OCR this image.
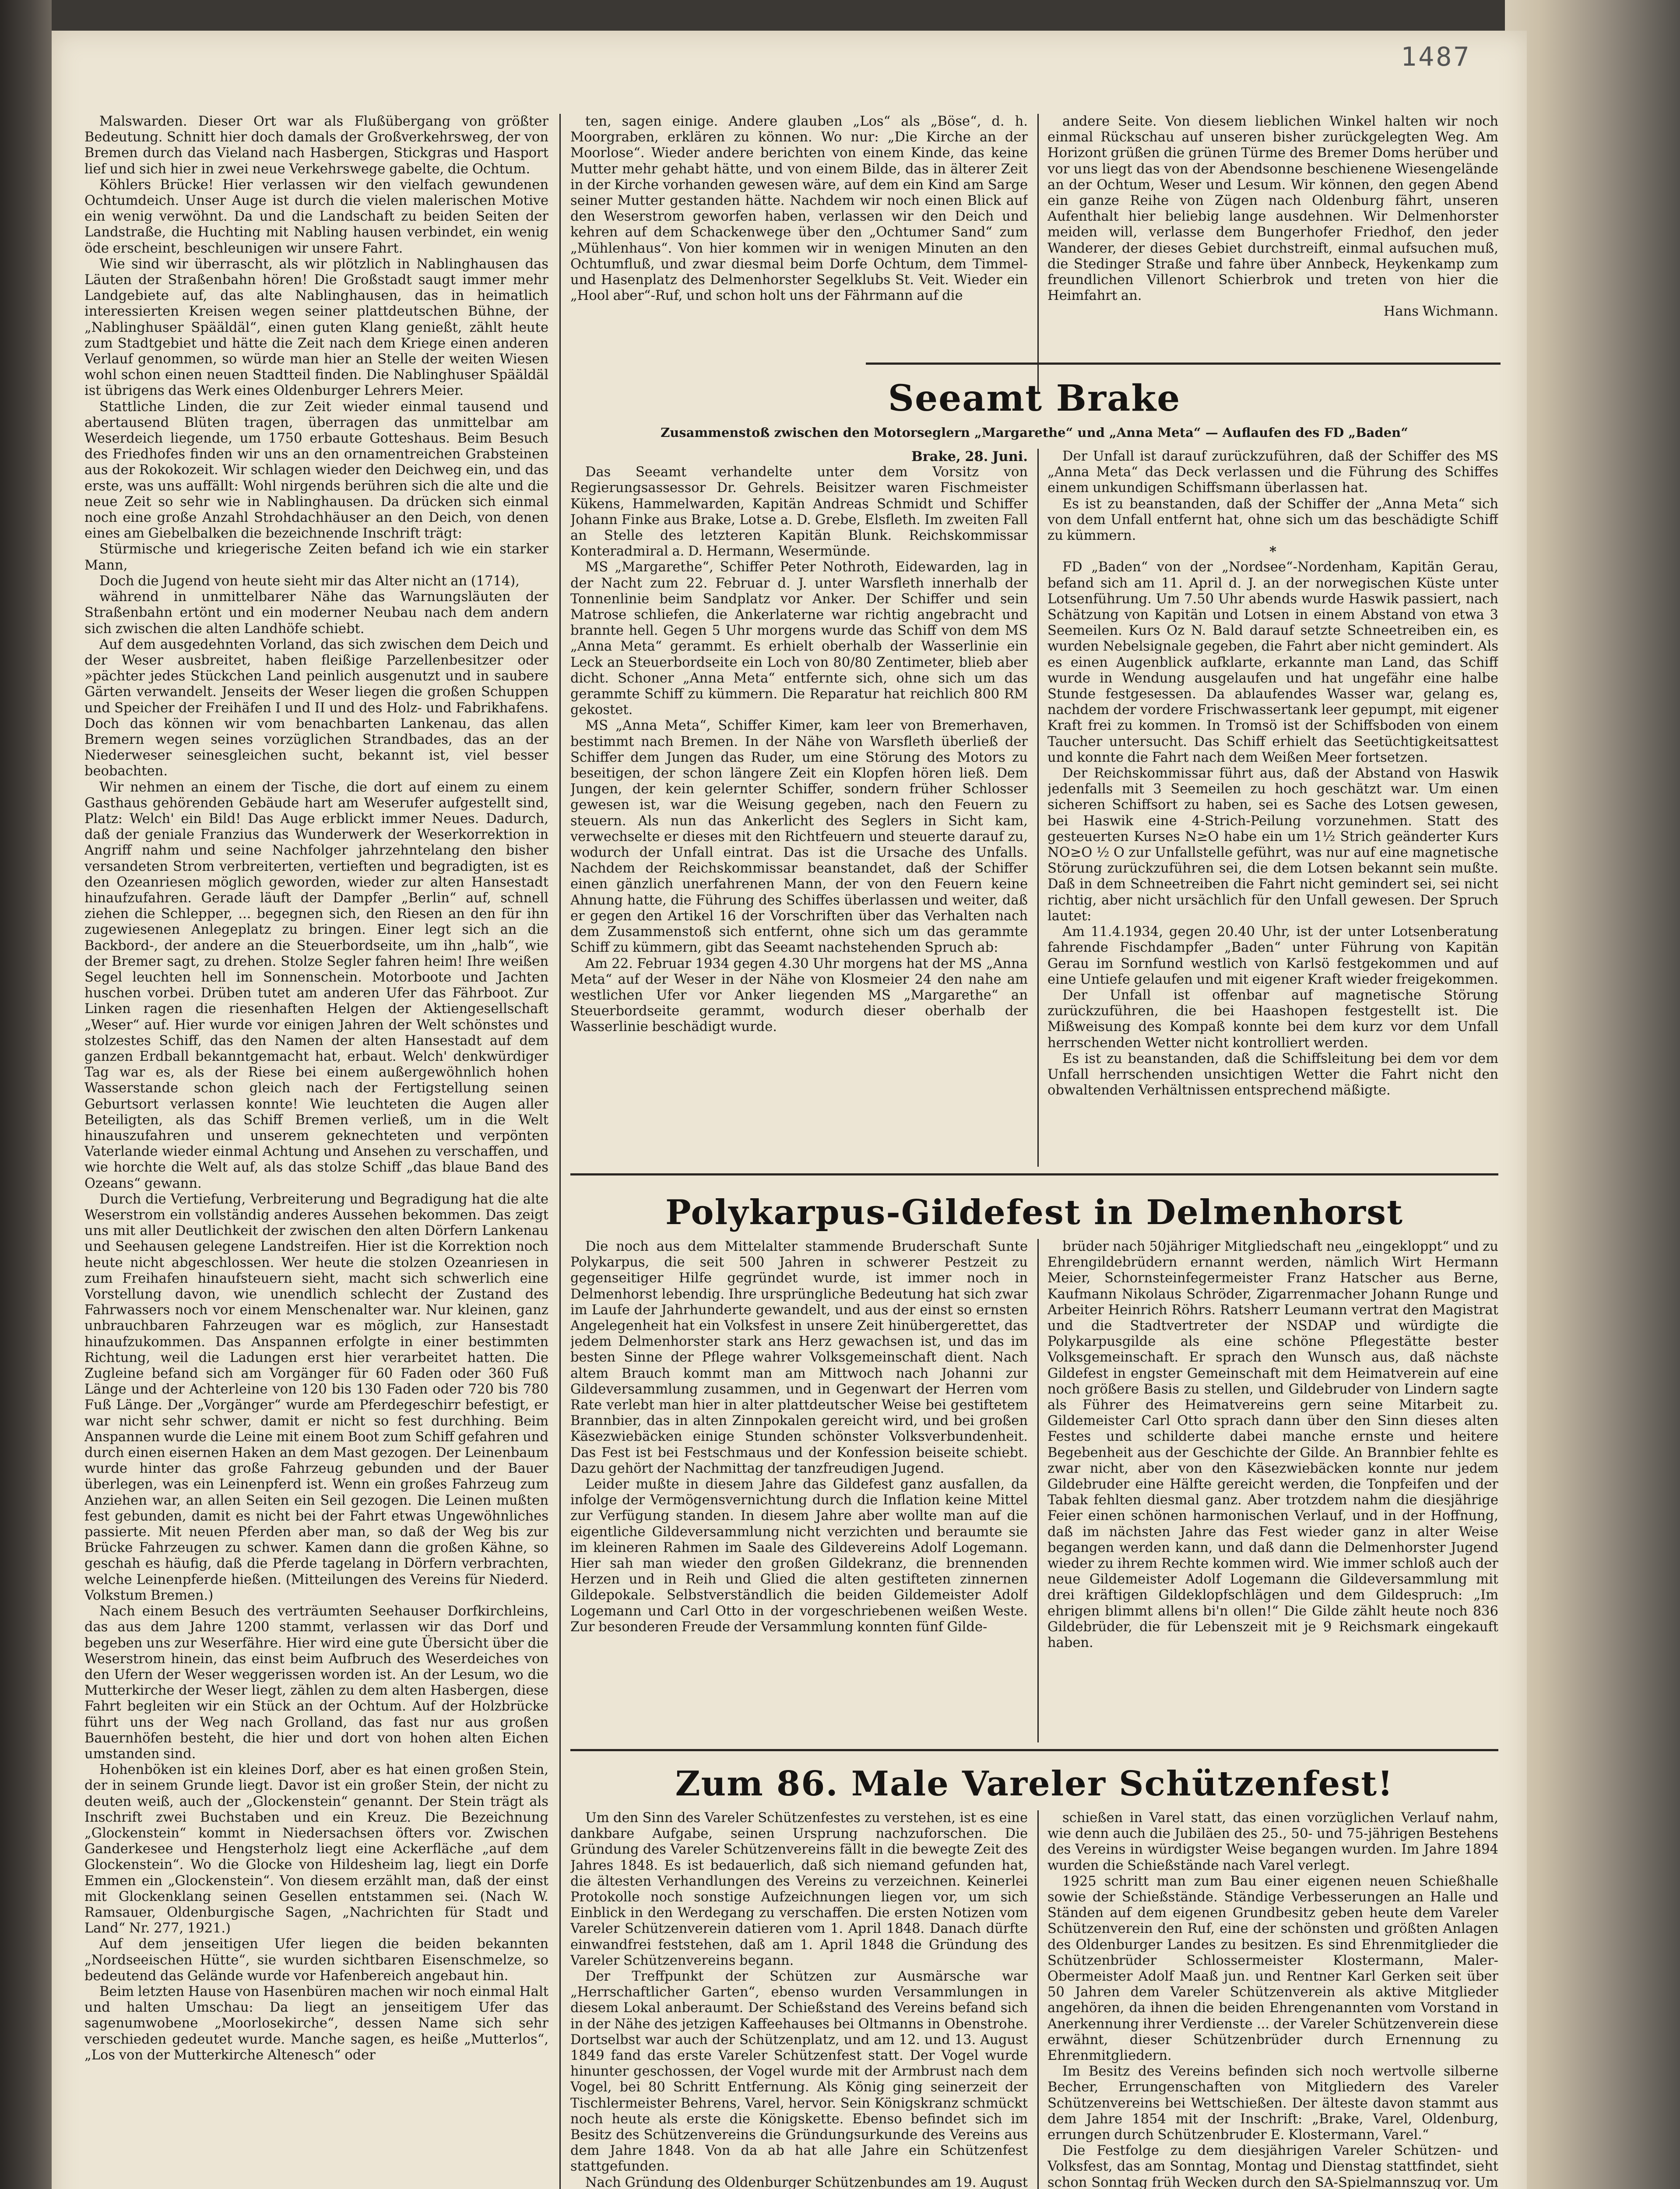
Malswarden. Dieser Ort war als Flußübergang von größter Bedeutung. Schnitt hier doch damals der Großverkehrsweg, der von Bremen durch das Vieland nach Hasbergen, Stickgras und Hasport lief und sich hier in zwei neue Verkehrswege gabelte, die Ochtum.

Köhlers Brücke! Hier verlassen wir den vielfach gewundenen Ochtumdeich. Unser Auge ist durch die vielen malerischen Motive ein wenig verwöhnt. Da und die Landschaft zu beiden Seiten der Landstraße, die Huchting mit Nabling hausen verbindet, ein wenig öde erscheint, beschleunigen wir unsere Fahrt.

Wie sind wir überrascht, als wir plötzlich in Nablinghausen das Läuten der Straßenbahn hören! Die Großstadt saugt immer mehr Landgebiete auf, das alte Nablinghausen, das in heimatlich interessierten Kreisen wegen seiner plattdeutschen Bühne, der „Nablinghuser Spääldäl“, einen guten Klang genießt, zählt heute zum Stadtgebiet und hätte die Zeit nach dem Kriege einen anderen Verlauf genommen, so würde man hier an Stelle der weiten Wiesen wohl schon einen neuen Stadtteil finden. Die Nablinghuser Spääldäl ist übrigens das Werk eines Oldenburger Lehrers Meier.

Stattliche Linden, die zur Zeit wieder einmal tausend und abertausend Blüten tragen, überragen das unmittelbar am Weserdeich liegende, um 1750 erbaute Gotteshaus. Beim Besuch des Friedhofes finden wir uns an den ornamentreichen Grabsteinen aus der Rokokozeit. Wir schlagen wieder den Deichweg ein, und das erste, was uns auffällt: Wohl nirgends berühren sich die alte und die neue Zeit so sehr wie in Nablinghausen. Da drücken sich einmal noch eine große Anzahl Strohdachhäuser an den Deich, von denen eines am Giebelbalken die bezeichnende Inschrift trägt:

Stürmische und kriegerische Zeiten befand ich wie ein starker Mann,

Doch die Jugend von heute sieht mir das Alter nicht an (1714),

während in unmittelbarer Nähe das Warnungsläuten der Straßenbahn ertönt und ein moderner Neubau nach dem andern sich zwischen die alten Landhöfe schiebt.

Auf dem ausgedehnten Vorland, das sich zwischen dem Deich und der Weser ausbreitet, haben fleißige Parzellenbesitzer oder »pächter jedes Stückchen Land peinlich ausgenutzt und in saubere Gärten verwandelt. Jenseits der Weser liegen die großen Schuppen und Speicher der Freihäfen I und II und des Holz- und Fabrikhafens. Doch das können wir vom benachbarten Lankenau, das allen Bremern wegen seines vorzüglichen Strandbades, das an der Niederweser seinesgleichen sucht, bekannt ist, viel besser beobachten.

Wir nehmen an einem der Tische, die dort auf einem zu einem Gasthaus gehörenden Gebäude hart am Weserufer aufgestellt sind, Platz: Welch' ein Bild! Das Auge erblickt immer Neues. Dadurch, daß der geniale Franzius das Wunderwerk der Weserkorrektion in Angriff nahm und seine Nachfolger jahrzehntelang den bisher versandeten Strom verbreiterten, vertieften und begradigten, ist es den Ozeanriesen möglich geworden, wieder zur alten Hansestadt hinaufzufahren. Gerade läuft der Dampfer „Berlin“ auf, schnell ziehen die Schlepper, ... begegnen sich, den Riesen an den für ihn zugewiesenen Anlegeplatz zu bringen. Einer legt sich an die Backbord-, der andere an die Steuerbordseite, um ihn „halb“, wie der Bremer sagt, zu drehen. Stolze Segler fahren heim! Ihre weißen Segel leuchten hell im Sonnenschein. Motorboote und Jachten huschen vorbei. Drüben tutet am anderen Ufer das Fährboot. Zur Linken ragen die riesenhaften Helgen der Aktiengesellschaft „Weser“ auf. Hier wurde vor einigen Jahren der Welt schönstes und stolzestes Schiff, das den Namen der alten Hansestadt auf dem ganzen Erdball bekanntgemacht hat, erbaut. Welch' denkwürdiger Tag war es, als der Riese bei einem außergewöhnlich hohen Wasserstande schon gleich nach der Fertigstellung seinen Geburtsort verlassen konnte! Wie leuchteten die Augen aller Beteiligten, als das Schiff Bremen verließ, um in die Welt hinauszufahren und unserem geknechteten und verpönten Vaterlande wieder einmal Achtung und Ansehen zu verschaffen, und wie horchte die Welt auf, als das stolze Schiff „das blaue Band des Ozeans“ gewann.

Durch die Vertiefung, Verbreiterung und Begradigung hat die alte Weserstrom ein vollständig anderes Aussehen bekommen. Das zeigt uns mit aller Deutlichkeit der zwischen den alten Dörfern Lankenau und Seehausen gelegene Landstreifen. Hier ist die Korrektion noch heute nicht abgeschlossen. Wer heute die stolzen Ozeanriesen in zum Freihafen hinaufsteuern sieht, macht sich schwerlich eine Vorstellung davon, wie unendlich schlecht der Zustand des Fahrwassers noch vor einem Menschenalter war. Nur kleinen, ganz unbrauchbaren Fahrzeugen war es möglich, zur Hansestadt hinaufzukommen. Das Anspannen erfolgte in einer bestimmten Richtung, weil die Ladungen erst hier verarbeitet hatten. Die Zugleine befand sich am Vorgänger für 60 Faden oder 360 Fuß Länge und der Achterleine von 120 bis 130 Faden oder 720 bis 780 Fuß Länge. Der „Vorgänger“ wurde am Pferdegeschirr befestigt, er war nicht sehr schwer, damit er nicht so fest durchhing. Beim Anspannen wurde die Leine mit einem Boot zum Schiff gefahren und durch einen eisernen Haken an dem Mast gezogen. Der Leinenbaum wurde hinter das große Fahrzeug gebunden und der Bauer überlegen, was ein Leinenpferd ist. Wenn ein großes Fahrzeug zum Anziehen war, an allen Seiten ein Seil gezogen. Die Leinen mußten fest gebunden, damit es nicht bei der Fahrt etwas Ungewöhnliches passierte. Mit neuen Pferden aber man, so daß der Weg bis zur Brücke Fahrzeugen zu schwer. Kamen dann die großen Kähne, so geschah es häufig, daß die Pferde tagelang in Dörfern verbrachten, welche Leinenpferde hießen. (Mitteilungen des Vereins für Niederd. Volkstum Bremen.)

Nach einem Besuch des verträumten Seehauser Dorfkirchleins, das aus dem Jahre 1200 stammt, verlassen wir das Dorf und begeben uns zur Weserfähre. Hier wird eine gute Übersicht über die Weserstrom hinein, das einst beim Aufbruch des Weserdeiches von den Ufern der Weser weggerissen worden ist. An der Lesum, wo die Mutterkirche der Weser liegt, zählen zu dem alten Hasbergen, diese Fahrt begleiten wir ein Stück an der Ochtum. Auf der Holzbrücke führt uns der Weg nach Grolland, das fast nur aus großen Bauernhöfen besteht, die hier und dort von hohen alten Eichen umstanden sind.

Hohenböken ist ein kleines Dorf, aber es hat einen großen Stein, der in seinem Grunde liegt. Davor ist ein großer Stein, der nicht zu deuten weiß, auch der „Glockenstein“ genannt. Der Stein trägt als Inschrift zwei Buchstaben und ein Kreuz. Die Bezeichnung „Glockenstein“ kommt in Niedersachsen öfters vor. Zwischen Ganderkesee und Hengsterholz liegt eine Ackerfläche „auf dem Glockenstein“. Wo die Glocke von Hildesheim lag, liegt ein Dorfe Emmen ein „Glockenstein“. Von diesem erzählt man, daß der einst mit Glockenklang seinen Gesellen entstammen sei. (Nach W. Ramsauer, Oldenburgische Sagen, „Nachrichten für Stadt und Land“ Nr. 277, 1921.)

Auf dem jenseitigen Ufer liegen die beiden bekannten „Nordseeischen Hütte“, sie wurden sichtbaren Eisenschmelze, so bedeutend das Gelände wurde vor Hafenbereich angebaut hin.

Beim letzten Hause von Hasenbüren machen wir noch einmal Halt und halten Umschau: Da liegt an jenseitigem Ufer das sagenumwobene „Moorlosekirche“, dessen Name sich sehr verschieden gedeutet wurde. Manche sagen, es heiße „Mutterlos“, „Los von der Mutterkirche Altenesch“ oder

ten, sagen einige. Andere glauben „Los“ als „Böse“, d. h. Moorgraben, erklären zu können. Wo nur: „Die Kirche an der Moorlose“. Wieder andere berichten von einem Kinde, das keine Mutter mehr gehabt hätte, und von einem Bilde, das in älterer Zeit in der Kirche vorhanden gewesen wäre, auf dem ein Kind am Sarge seiner Mutter gestanden hätte. Nachdem wir noch einen Blick auf den Weserstrom geworfen haben, verlassen wir den Deich und kehren auf dem Schackenwege über den „Ochtumer Sand“ zum „Mühlenhaus“. Von hier kommen wir in wenigen Minuten an den Ochtumfluß, und zwar diesmal beim Dorfe Ochtum, dem Timmel- und Hasenplatz des Delmenhorster Segelklubs St. Veit. Wieder ein „Hool aber“-Ruf, und schon holt uns der Fährmann auf die

andere Seite. Von diesem lieblichen Winkel halten wir noch einmal Rückschau auf unseren bisher zurückgelegten Weg. Am Horizont grüßen die grünen Türme des Bremer Doms herüber und vor uns liegt das von der Abendsonne beschienene Wiesengelände an der Ochtum, Weser und Lesum. Wir können, den gegen Abend ein ganze Reihe von Zügen nach Oldenburg fährt, unseren Aufenthalt hier beliebig lange ausdehnen. Wir Delmenhorster meiden will, verlasse dem Bungerhofer Friedhof, den jeder Wanderer, der dieses Gebiet durchstreift, einmal aufsuchen muß, die Stedinger Straße und fahre über Annbeck, Heykenkamp zum freundlichen Villenort Schierbrok und treten von hier die Heimfahrt an.

Hans Wichmann.

Seeamt Brake
Zusammenstoß zwischen den Motorseglern „Margarethe“ und „Anna Meta“ — Auflaufen des FD „Baden“

Brake, 28. Juni.

Das Seeamt verhandelte unter dem Vorsitz von Regierungsassessor Dr. Gehrels. Beisitzer waren Fischmeister Kükens, Hammelwarden, Kapitän Andreas Schmidt und Schiffer Johann Finke aus Brake, Lotse a. D. Grebe, Elsfleth. Im zweiten Fall an Stelle des letzteren Kapitän Blunk. Reichskommissar Konteradmiral a. D. Hermann, Wesermünde.

MS „Margarethe“, Schiffer Peter Nothroth, Eidewarden, lag in der Nacht zum 22. Februar d. J. unter Warsfleth innerhalb der Tonnenlinie beim Sandplatz vor Anker. Der Schiffer und sein Matrose schliefen, die Ankerlaterne war richtig angebracht und brannte hell. Gegen 5 Uhr morgens wurde das Schiff von dem MS „Anna Meta“ gerammt. Es erhielt oberhalb der Wasserlinie ein Leck an Steuerbordseite ein Loch von 80/80 Zentimeter, blieb aber dicht. Schoner „Anna Meta“ entfernte sich, ohne sich um das gerammte Schiff zu kümmern. Die Reparatur hat reichlich 800 RM gekostet.

MS „Anna Meta“, Schiffer Kimer, kam leer von Bremerhaven, bestimmt nach Bremen. In der Nähe von Warsfleth überließ der Schiffer dem Jungen das Ruder, um eine Störung des Motors zu beseitigen, der schon längere Zeit ein Klopfen hören ließ. Dem Jungen, der kein gelernter Schiffer, sondern früher Schlosser gewesen ist, war die Weisung gegeben, nach den Feuern zu steuern. Als nun das Ankerlicht des Seglers in Sicht kam, verwechselte er dieses mit den Richtfeuern und steuerte darauf zu, wodurch der Unfall eintrat. Das ist die Ursache des Unfalls. Nachdem der Reichskommissar beanstandet, daß der Schiffer einen gänzlich unerfahrenen Mann, der von den Feuern keine Ahnung hatte, die Führung des Schiffes überlassen und weiter, daß er gegen den Artikel 16 der Vorschriften über das Verhalten nach dem Zusammenstoß sich entfernt, ohne sich um das gerammte Schiff zu kümmern, gibt das Seeamt nachstehenden Spruch ab:

Am 22. Februar 1934 gegen 4.30 Uhr morgens hat der MS „Anna Meta“ auf der Weser in der Nähe von Klosmeier 24 den nahe am westlichen Ufer vor Anker liegenden MS „Margarethe“ an Steuerbordseite gerammt, wodurch dieser oberhalb der Wasserlinie beschädigt wurde.

Der Unfall ist darauf zurückzuführen, daß der Schiffer des MS „Anna Meta“ das Deck verlassen und die Führung des Schiffes einem unkundigen Schiffsmann überlassen hat.

Es ist zu beanstanden, daß der Schiffer der „Anna Meta“ sich von dem Unfall entfernt hat, ohne sich um das beschädigte Schiff zu kümmern.

*

FD „Baden“ von der „Nordsee“-Nordenham, Kapitän Gerau, befand sich am 11. April d. J. an der norwegischen Küste unter Lotsenführung. Um 7.50 Uhr abends wurde Haswik passiert, nach Schätzung von Kapitän und Lotsen in einem Abstand von etwa 3 Seemeilen. Kurs Oz N. Bald darauf setzte Schneetreiben ein, es wurden Nebelsignale gegeben, die Fahrt aber nicht gemindert. Als es einen Augenblick aufklarte, erkannte man Land, das Schiff wurde in Wendung ausgelaufen und hat ungefähr eine halbe Stunde festgesessen. Da ablaufendes Wasser war, gelang es, nachdem der vordere Frischwassertank leer gepumpt, mit eigener Kraft frei zu kommen. In Tromsö ist der Schiffsboden von einem Taucher untersucht. Das Schiff erhielt das Seetüchtigkeitsattest und konnte die Fahrt nach dem Weißen Meer fortsetzen.

Der Reichskommissar führt aus, daß der Abstand von Haswik jedenfalls mit 3 Seemeilen zu hoch geschätzt war. Um einen sicheren Schiffsort zu haben, sei es Sache des Lotsen gewesen, bei Haswik eine 4-Strich-Peilung vorzunehmen. Statt des gesteuerten Kurses N≥O habe ein um 1½ Strich geänderter Kurs NO≥O ½ O zur Unfallstelle geführt, was nur auf eine magnetische Störung zurückzuführen sei, die dem Lotsen bekannt sein mußte. Daß in dem Schneetreiben die Fahrt nicht gemindert sei, sei nicht richtig, aber nicht ursächlich für den Unfall gewesen. Der Spruch lautet:

Am 11.4.1934, gegen 20.40 Uhr, ist der unter Lotsenberatung fahrende Fischdampfer „Baden“ unter Führung von Kapitän Gerau im Sornfund westlich von Karlsö festgekommen und auf eine Untiefe gelaufen und mit eigener Kraft wieder freigekommen.

Der Unfall ist offenbar auf magnetische Störung zurückzuführen, die bei Haashopen festgestellt ist. Die Mißweisung des Kompaß konnte bei dem kurz vor dem Unfall herrschenden Wetter nicht kontrolliert werden.

Es ist zu beanstanden, daß die Schiffsleitung bei dem vor dem Unfall herrschenden unsichtigen Wetter die Fahrt nicht den obwaltenden Verhältnissen entsprechend mäßigte.

Polykarpus-Gildefest in Delmenhorst

Die noch aus dem Mittelalter stammende Bruderschaft Sunte Polykarpus, die seit 500 Jahren in schwerer Pestzeit zu gegenseitiger Hilfe gegründet wurde, ist immer noch in Delmenhorst lebendig. Ihre ursprüngliche Bedeutung hat sich zwar im Laufe der Jahrhunderte gewandelt, und aus der einst so ernsten Angelegenheit hat ein Volksfest in unsere Zeit hinübergerettet, das jedem Delmenhorster stark ans Herz gewachsen ist, und das im besten Sinne der Pflege wahrer Volksgemeinschaft dient. Nach altem Brauch kommt man am Mittwoch nach Johanni zur Gildeversammlung zusammen, und in Gegenwart der Herren vom Rate verlebt man hier in alter plattdeutscher Weise bei gestiftetem Brannbier, das in alten Zinnpokalen gereicht wird, und bei großen Käsezwiebäcken einige Stunden schönster Volksverbundenheit. Das Fest ist bei Festschmaus und der Konfession beiseite schiebt. Dazu gehört der Nachmittag der tanzfreudigen Jugend.

Leider mußte in diesem Jahre das Gildefest ganz ausfallen, da infolge der Vermögensvernichtung durch die Inflation keine Mittel zur Verfügung standen. In diesem Jahre aber wollte man auf die eigentliche Gildeversammlung nicht verzichten und beraumte sie im kleineren Rahmen im Saale des Gildevereins Adolf Logemann. Hier sah man wieder den großen Gildekranz, die brennenden Herzen und in Reih und Glied die alten gestifteten zinnernen Gildepokale. Selbstverständlich die beiden Gildemeister Adolf Logemann und Carl Otto in der vorgeschriebenen weißen Weste. Zur besonderen Freude der Versammlung konnten fünf Gilde-

brüder nach 50jähriger Mitgliedschaft neu „eingekloppt“ und zu Ehrengildebrüdern ernannt werden, nämlich Wirt Hermann Meier, Schornsteinfegermeister Franz Hatscher aus Berne, Kaufmann Nikolaus Schröder, Zigarrenmacher Johann Runge und Arbeiter Heinrich Röhrs. Ratsherr Leumann vertrat den Magistrat und die Stadtvertreter der NSDAP und würdigte die Polykarpusgilde als eine schöne Pflegestätte bester Volksgemeinschaft. Er sprach den Wunsch aus, daß nächste Gildefest in engster Gemeinschaft mit dem Heimatverein auf eine noch größere Basis zu stellen, und Gildebruder von Lindern sagte als Führer des Heimatvereins gern seine Mitarbeit zu. Gildemeister Carl Otto sprach dann über den Sinn dieses alten Festes und schilderte dabei manche ernste und heitere Begebenheit aus der Geschichte der Gilde. An Brannbier fehlte es zwar nicht, aber von den Käsezwiebäcken konnte nur jedem Gildebruder eine Hälfte gereicht werden, die Tonpfeifen und der Tabak fehlten diesmal ganz. Aber trotzdem nahm die diesjährige Feier einen schönen harmonischen Verlauf, und in der Hoffnung, daß im nächsten Jahre das Fest wieder ganz in alter Weise begangen werden kann, und daß dann die Delmenhorster Jugend wieder zu ihrem Rechte kommen wird. Wie immer schloß auch der neue Gildemeister Adolf Logemann die Gildeversammlung mit drei kräftigen Gildeklopfschlägen und dem Gildespruch: „Im ehrigen blimmt allens bi'n ollen!“ Die Gilde zählt heute noch 836 Gildebrüder, die für Lebenszeit mit je 9 Reichsmark eingekauft haben.

Zum 86. Male Vareler Schützenfest!

Um den Sinn des Vareler Schützenfestes zu verstehen, ist es eine dankbare Aufgabe, seinen Ursprung nachzuforschen. Die Gründung des Vareler Schützenvereins fällt in die bewegte Zeit des Jahres 1848. Es ist bedauerlich, daß sich niemand gefunden hat, die ältesten Verhandlungen des Vereins zu verzeichnen. Keinerlei Protokolle noch sonstige Aufzeichnungen liegen vor, um sich Einblick in den Werdegang zu verschaffen. Die ersten Notizen vom Vareler Schützenverein datieren vom 1. April 1848. Danach dürfte einwandfrei feststehen, daß am 1. April 1848 die Gründung des Vareler Schützenvereins begann.

Der Treffpunkt der Schützen zur Ausmärsche war „Herrschaftlicher Garten“, ebenso wurden Versammlungen in diesem Lokal anberaumt. Der Schießstand des Vereins befand sich in der Nähe des jetzigen Kaffeehauses bei Oltmanns in Obenstrohe. Dortselbst war auch der Schützenplatz, und am 12. und 13. August 1849 fand das erste Vareler Schützenfest statt. Der Vogel wurde hinunter geschossen, der Vogel wurde mit der Armbrust nach dem Vogel, bei 80 Schritt Entfernung. Als König ging seinerzeit der Tischlermeister Behrens, Varel, hervor. Sein Königskranz schmückt noch heute als erste die Königskette. Ebenso befindet sich im Besitz des Schützenvereins die Gründungsurkunde des Vereins aus dem Jahre 1848. Von da ab hat alle Jahre ein Schützenfest stattgefunden.

Nach Gründung des Oldenburger Schützenbundes am 19. August

schießen in Varel statt, das einen vorzüglichen Verlauf nahm, wie denn auch die Jubiläen des 25., 50- und 75-jährigen Bestehens des Vereins in würdigster Weise begangen wurden. Im Jahre 1894 wurden die Schießstände nach Varel verlegt.

1925 schritt man zum Bau einer eigenen neuen Schießhalle sowie der Schießstände. Ständige Verbesserungen an Halle und Ständen auf dem eigenen Grundbesitz geben heute dem Vareler Schützenverein den Ruf, eine der schönsten und größten Anlagen des Oldenburger Landes zu besitzen. Es sind Ehrenmitglieder die Schützenbrüder Schlossermeister Klostermann, Maler-Obermeister Adolf Maaß jun. und Rentner Karl Gerken seit über 50 Jahren dem Vareler Schützenverein als aktive Mitglieder angehören, da ihnen die beiden Ehrengenannten vom Vorstand in Anerkennung ihrer Verdienste ... der Vareler Schützenverein diese erwähnt, dieser Schützenbrüder durch Ernennung zu Ehrenmitgliedern.

Im Besitz des Vereins befinden sich noch wertvolle silberne Becher, Errungenschaften von Mitgliedern des Vareler Schützenvereins bei Wettschießen. Der älteste davon stammt aus dem Jahre 1854 mit der Inschrift: „Brake, Varel, Oldenburg, errungen durch Schützenbruder E. Klostermann, Varel.“

Die Festfolge zu dem diesjährigen Vareler Schützen- und Volksfest, das am Sonntag, Montag und Dienstag stattfindet, sieht schon Sonntag früh Wecken durch den SA-Spielmannszug vor. Um

1487
